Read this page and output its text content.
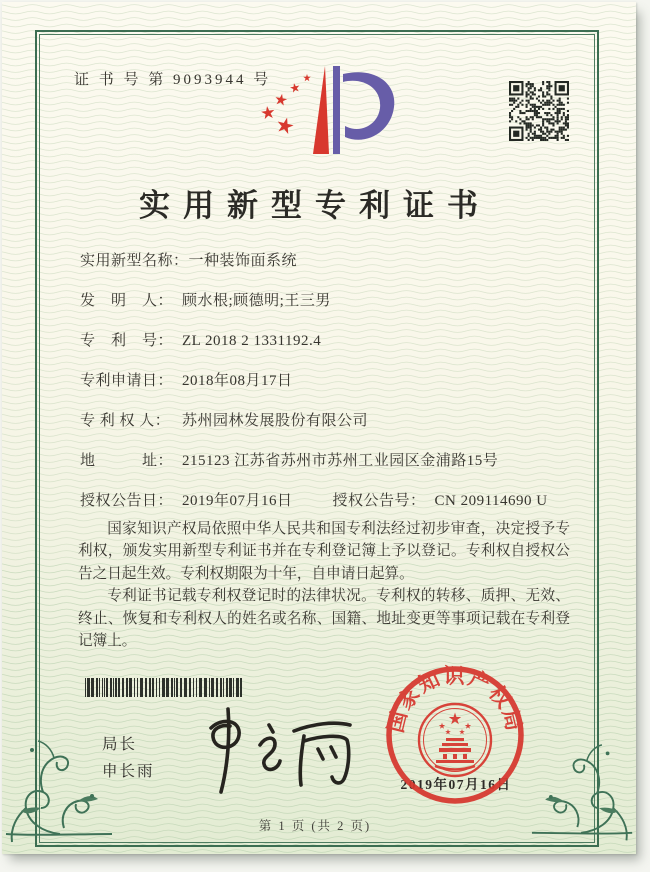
证 书 号 第 9093944 号
实用新型专利证书
实用新型名称：一种装饰面系统
发　明　人： 顾水根;顾德明;王三男
专　利　号： ZL 2018 2 1331192.4
专利申请日： 2018年08月17日
专 利 权 人： 苏州园林发展股份有限公司
地　　　址： 215123 江苏省苏州市苏州工业园区金浦路15号
授权公告日： 2019年07月16日	授权公告号： CN 209114690 U

国家知识产权局依照中华人民共和国专利法经过初步审查，决定授予专利权，颁发实用新型专利证书并在专利登记簿上予以登记。专利权自授权公告之日起生效。专利权期限为十年，自申请日起算。

专利证书记载专利权登记时的法律状况。专利权的转移、质押、无效、终止、恢复和专利权人的姓名或名称、国籍、地址变更等事项记载在专利登记簿上。

局长
申长雨
国家知识产权局
2019年07月16日
第 1 页 (共 2 页)
